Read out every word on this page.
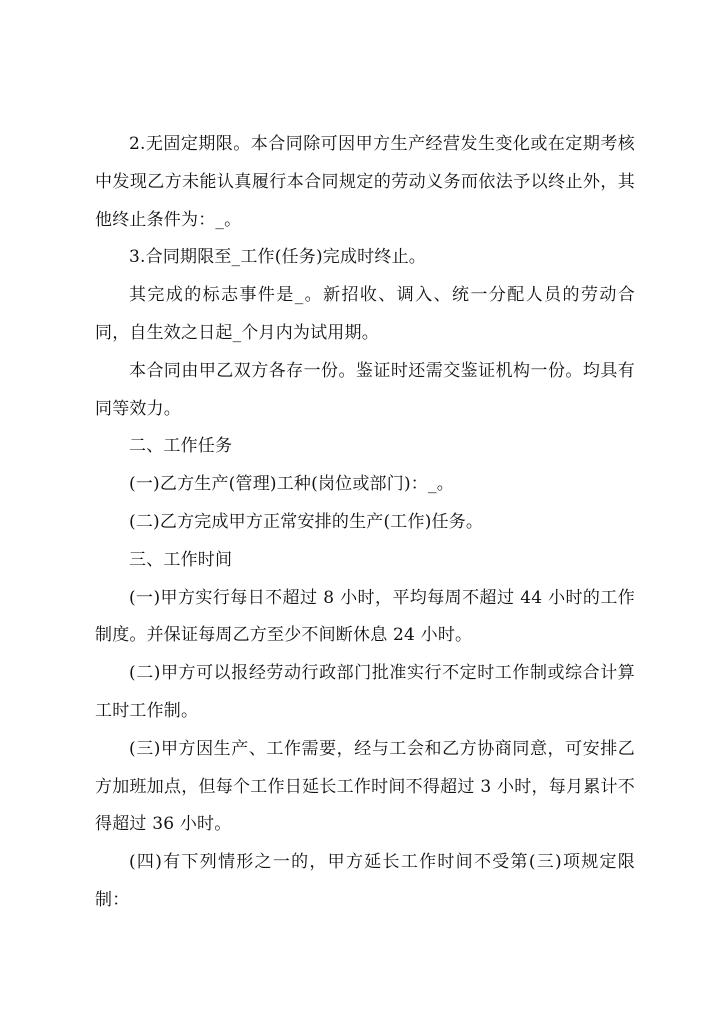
2.无固定期限。本合同除可因甲方生产经营发生变化或在定期考核中发现乙方未能认真履行本合同规定的劳动义务而依法予以终止外，其他终止条件为：_。

3.合同期限至_工作(任务)完成时终止。

其完成的标志事件是_。新招收、调入、统一分配人员的劳动合同，自生效之日起_个月内为试用期。

本合同由甲乙双方各存一份。鉴证时还需交鉴证机构一份。均具有同等效力。

二、工作任务

(一)乙方生产(管理)工种(岗位或部门)：_。

(二)乙方完成甲方正常安排的生产(工作)任务。

三、工作时间

(一)甲方实行每日不超过 8 小时，平均每周不超过 44 小时的工作制度。并保证每周乙方至少不间断休息 24 小时。

(二)甲方可以报经劳动行政部门批准实行不定时工作制或综合计算工时工作制。

(三)甲方因生产、工作需要，经与工会和乙方协商同意，可安排乙方加班加点，但每个工作日延长工作时间不得超过 3 小时，每月累计不得超过 36 小时。

(四)有下列情形之一的，甲方延长工作时间不受第(三)项规定限制：
